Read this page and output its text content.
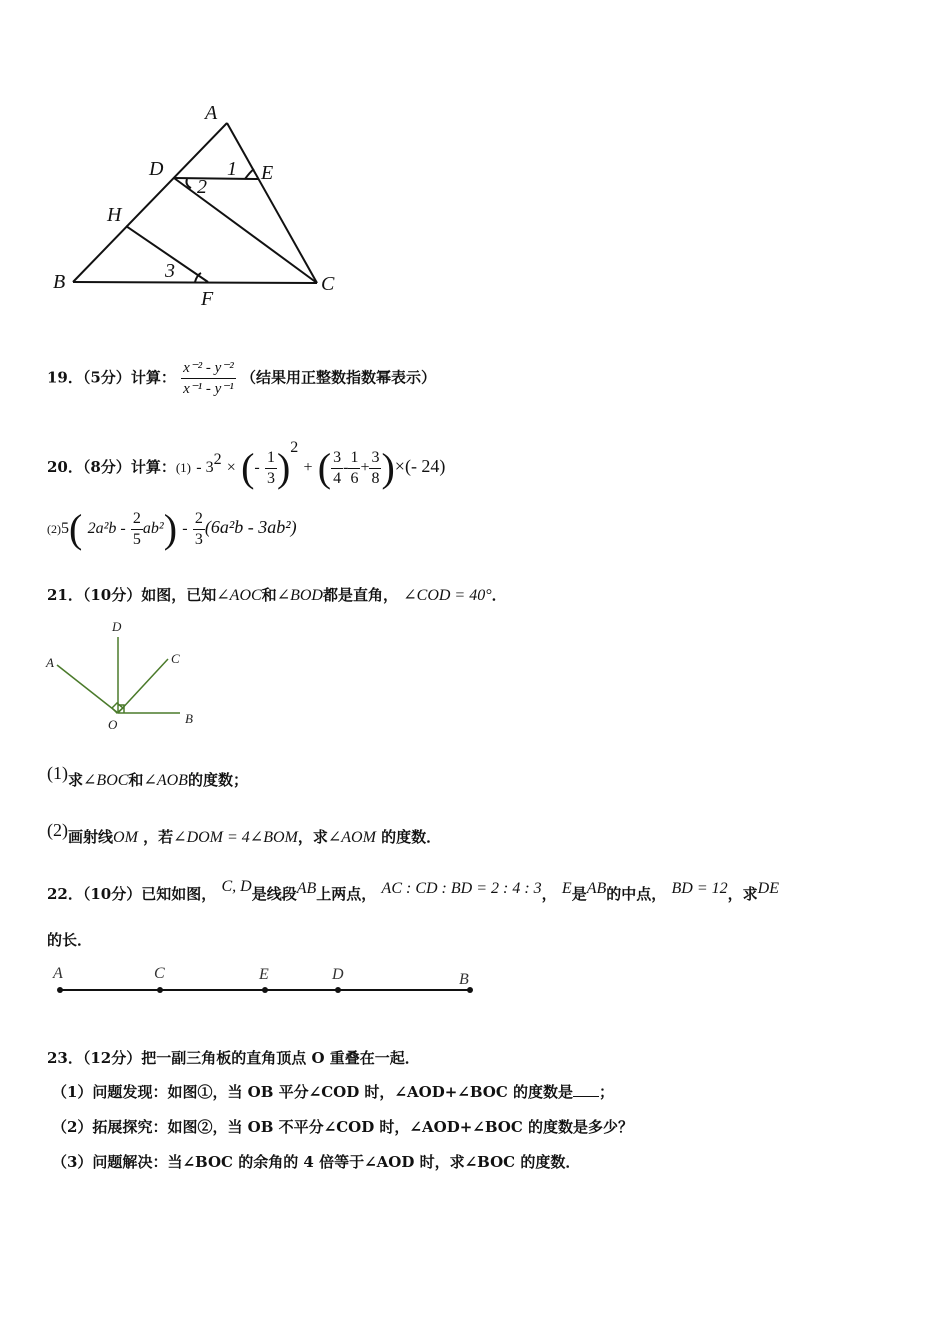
A
D	E
H
B
F
C
1
2
3
19．（5分）计算： $\frac{\text{x⁻² - y⁻²}}{\text{x⁻¹ - y⁻¹}}$ （结果用正整数指数幂表示）
20．（8分）计算：$(1) - 3^2$ × (- $\frac{1}{3} )^2$ + ( $\frac{3}{4} - \frac{1}{6} + \frac{3}{8}$ )×(- 24)
(2)5( $2a^2b - \frac{2}{5} ab^2) - \frac{2}{3} (6a^2b - 3ab^2)$
21．（10分）如图，已知∠AOC和∠BOD都是直角， ∠COD = 40°．
D
A	C
O	B
(1)求∠BOC和∠AOB的度数；
(2)画射线OM ，若∠DOM = 4∠BOM，求∠AOM 的度数．
22．（10分）已知如图， C, D是线段AB上两点， AC : CD : BD = 2 : 4 : 3， E是AB的中点， BD = 12，求DE
的长．
A	C	E	D	B
23．（12分）把一副三角板的直角顶点 O 重叠在一起．
（1）问题发现：如图①，当 OB 平分∠COD 时，∠AOD+∠BOC 的度数是 ；
（2）拓展探究：如图②，当 OB 不平分∠COD 时，∠AOD+∠BOC 的度数是多少？
（3）问题解决：当∠BOC 的余角的 4 倍等于∠AOD 时，求∠BOC 的度数．
